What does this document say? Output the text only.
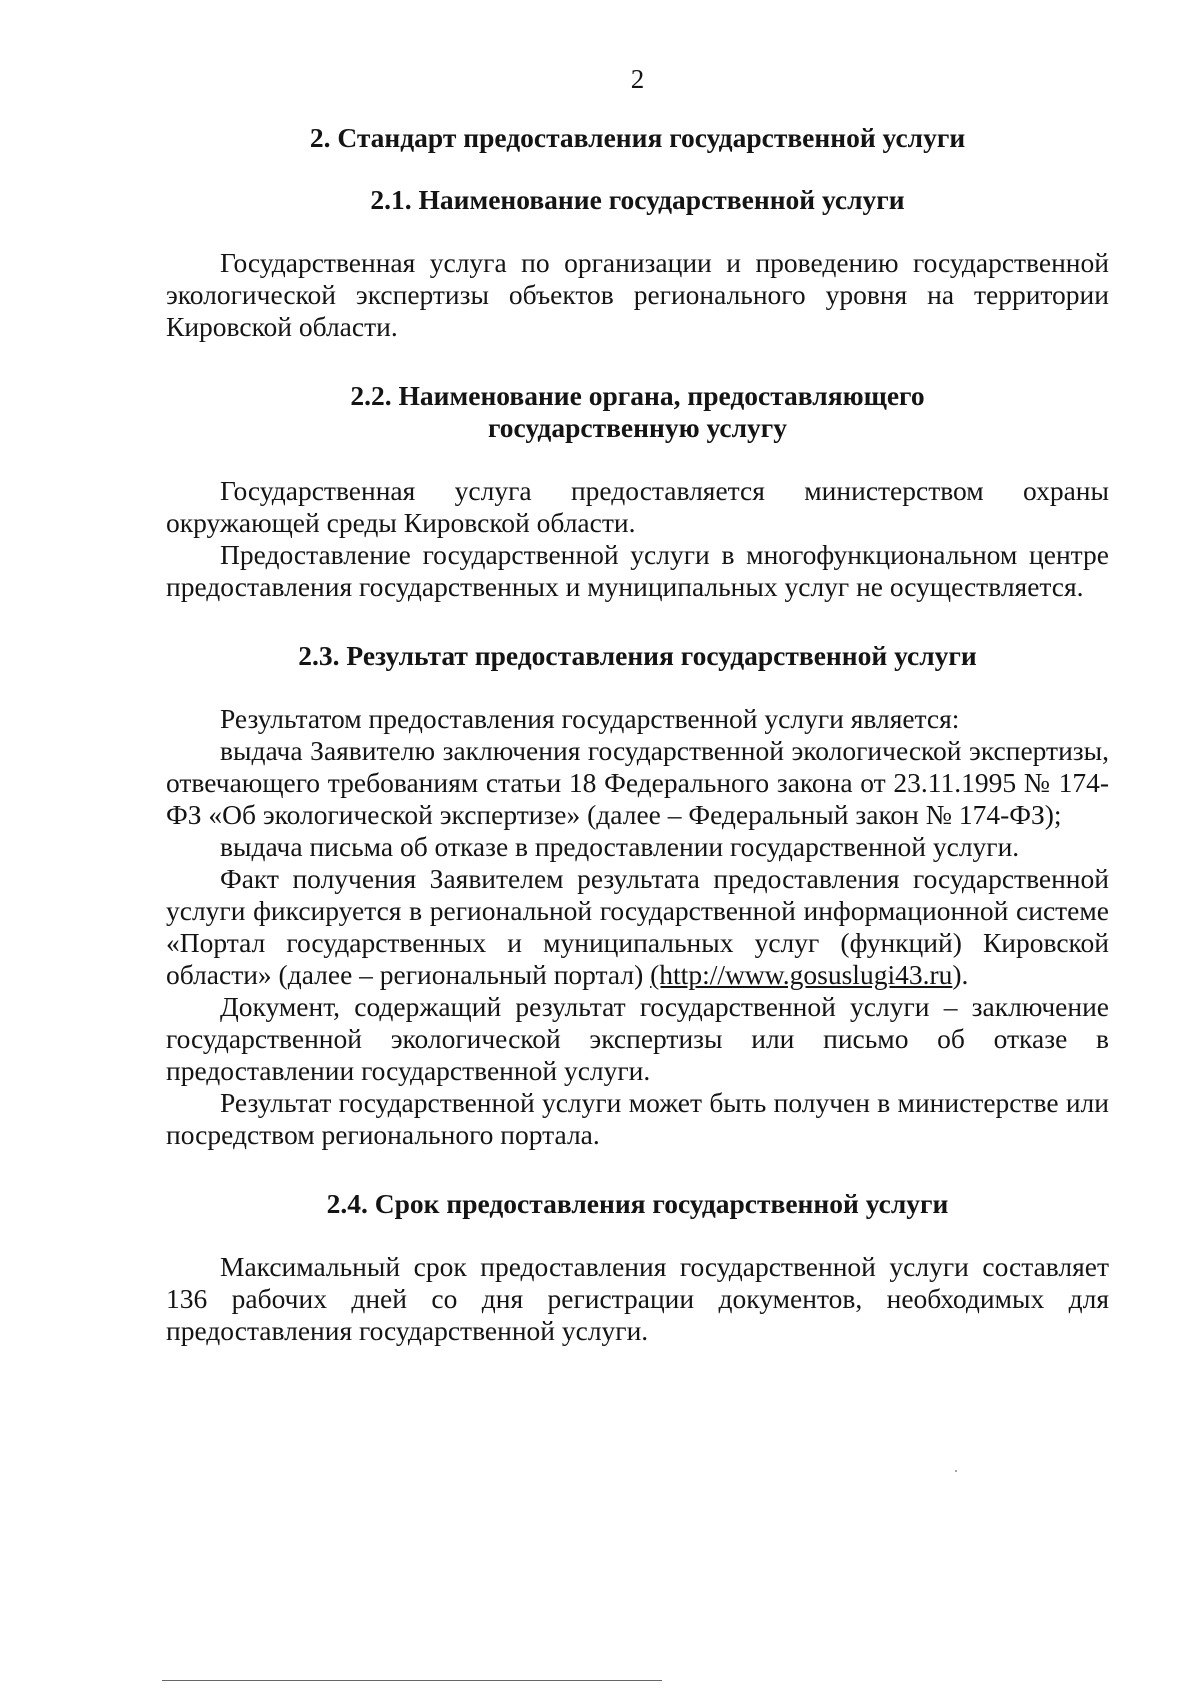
2
2. Стандарт предоставления государственной услуги
2.1. Наименование государственной услуги

Государственная услуга по организации и проведению государственной экологической экспертизы объектов регионального уровня на территории Кировской области.

2.2. Наименование органа, предоставляющего
государственную услугу

Государственная услуга предоставляется министерством охраны окружающей среды Кировской области.

Предоставление государственной услуги в многофункциональном центре предоставления государственных и муниципальных услуг не осуществляется.

2.3. Результат предоставления государственной услуги

Результатом предоставления государственной услуги является:

выдача Заявителю заключения государственной экологической экспертизы, отвечающего требованиям статьи 18 Федерального закона от 23.11.1995 № 174-ФЗ «Об экологической экспертизе» (далее – Федеральный закон № 174-ФЗ);

выдача письма об отказе в предоставлении государственной услуги.

Факт получения Заявителем результата предоставления государственной услуги фиксируется в региональной государственной информационной системе «Портал государственных и муниципальных услуг (функций) Кировской области» (далее – региональный портал) (http://www.gosuslugi43.ru).

Документ, содержащий результат государственной услуги – заключение государственной экологической экспертизы или письмо об отказе в предоставлении государственной услуги.

Результат государственной услуги может быть получен в министерстве или посредством регионального портала.

2.4. Срок предоставления государственной услуги

Максимальный срок предоставления государственной услуги составляет 136 рабочих дней со дня регистрации документов, необходимых для предоставления государственной услуги.
